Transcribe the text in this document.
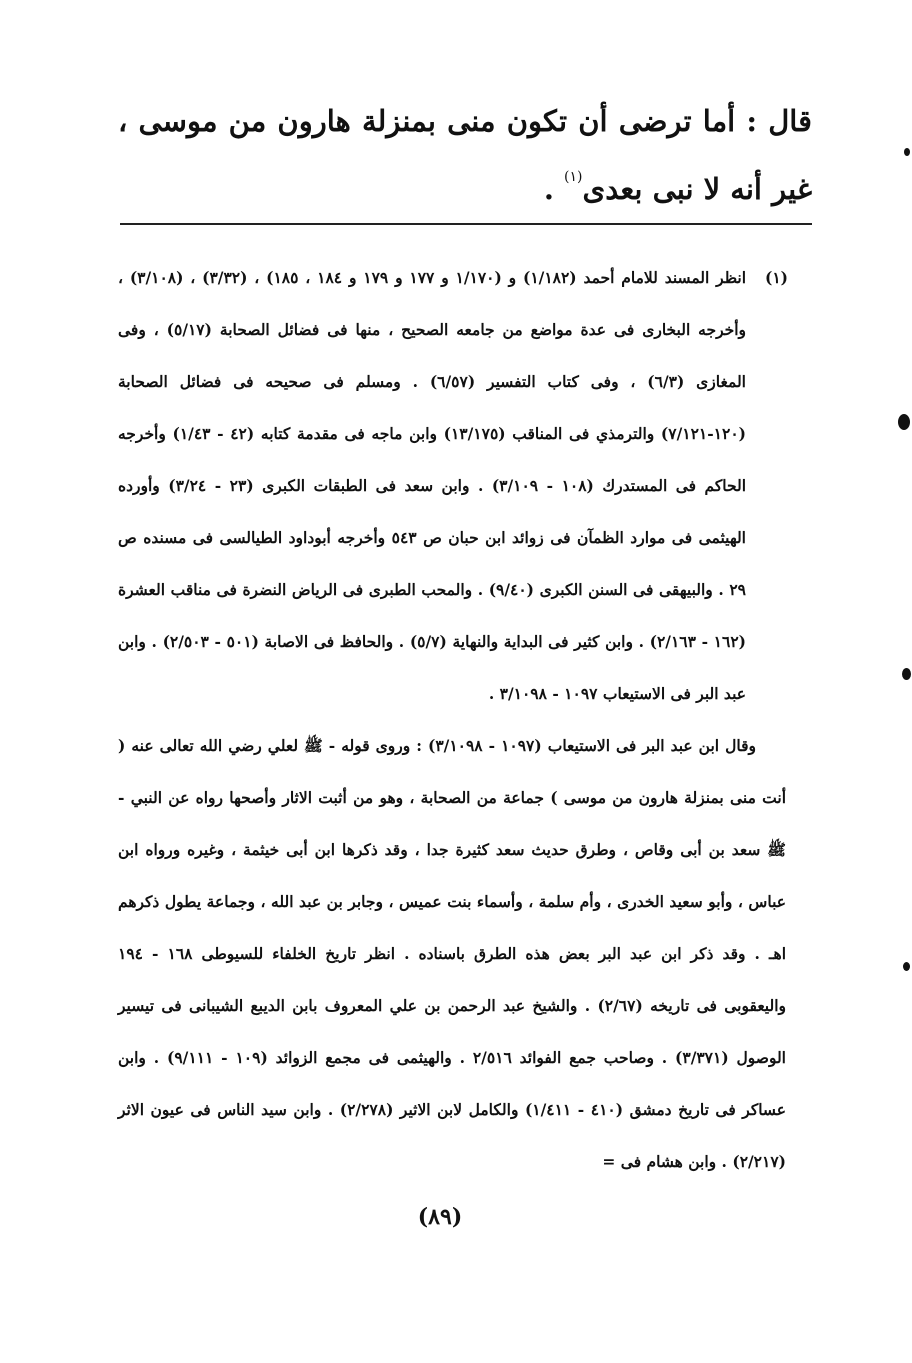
قال : أما ترضى أن تكون منى بمنزلة هارون من موسى ، غير أنه لا نبى بعدى$^{(١)}$ .
(١)
انظر المسند للامام أحمد (١/١٨٢) و (١/١٧٠ و ١٧٧ و ١٧٩ و ١٨٤ ، ١٨٥) ، (٣/٣٢) ، (٣/١٠٨) ، وأخرجه البخارى فى عدة مواضع من جامعه الصحيح ، منها فى فضائل الصحابة (٥/١٧) ، وفى المغازى (٦/٣) ، وفى كتاب التفسير (٦/٥٧) . ومسلم فى صحيحه فى فضائل الصحابة (١٢٠-٧/١٢١) والترمذي فى المناقب (١٣/١٧٥) وابن ماجه فى مقدمة كتابه (٤٢ - ١/٤٣) وأخرجه الحاكم فى المستدرك (١٠٨ - ٣/١٠٩) . وابن سعد فى الطبقات الكبرى (٢٣ - ٣/٢٤) وأورده الهيثمى فى موارد الظمآن فى زوائد ابن حبان ص ٥٤٣ وأخرجه أبوداود الطيالسى فى مسنده ص ٢٩ . والبيهقى فى السنن الكبرى (٩/٤٠) . والمحب الطبرى فى الرياض النضرة فى مناقب العشرة (١٦٢ - ٢/١٦٣) . وابن كثير فى البداية والنهاية (٥/٧) . والحافظ فى الاصابة (٥٠١ - ٢/٥٠٣) . وابن عبد البر فى الاستيعاب ١٠٩٧ - ٣/١٠٩٨ .

وقال ابن عبد البر فى الاستيعاب (١٠٩٧ - ٣/١٠٩٨) : وروى قوله - ﷺ لعلي رضي الله تعالى عنه ( أنت منى بمنزلة هارون من موسى ) جماعة من الصحابة ، وهو من أثبت الاثار وأصحها رواه عن النبي - ﷺ سعد بن أبى وقاص ، وطرق حديث سعد كثيرة جدا ، وقد ذكرها ابن أبى خيثمة ، وغيره ورواه ابن عباس ، وأبو سعيد الخدرى ، وأم سلمة ، وأسماء بنت عميس ، وجابر بن عبد الله ، وجماعة يطول ذكرهم اهـ . وقد ذكر ابن عبد البر بعض هذه الطرق باسناده . انظر تاريخ الخلفاء للسيوطى ١٦٨ - ١٩٤ واليعقوبى فى تاريخه (٢/٦٧) . والشيخ عبد الرحمن بن علي المعروف بابن الديبع الشيبانى فى تيسير الوصول (٣/٣٧١) . وصاحب جمع الفوائد ٢/٥١٦ . والهيثمى فى مجمع الزوائد (١٠٩ - ٩/١١١) . وابن عساكر فى تاريخ دمشق (٤١٠ - ١/٤١١) والكامل لابن الاثير (٢/٢٧٨) . وابن سيد الناس فى عيون الاثر (٢/٢١٧) . وابن هشام فى =

(٨٩)
